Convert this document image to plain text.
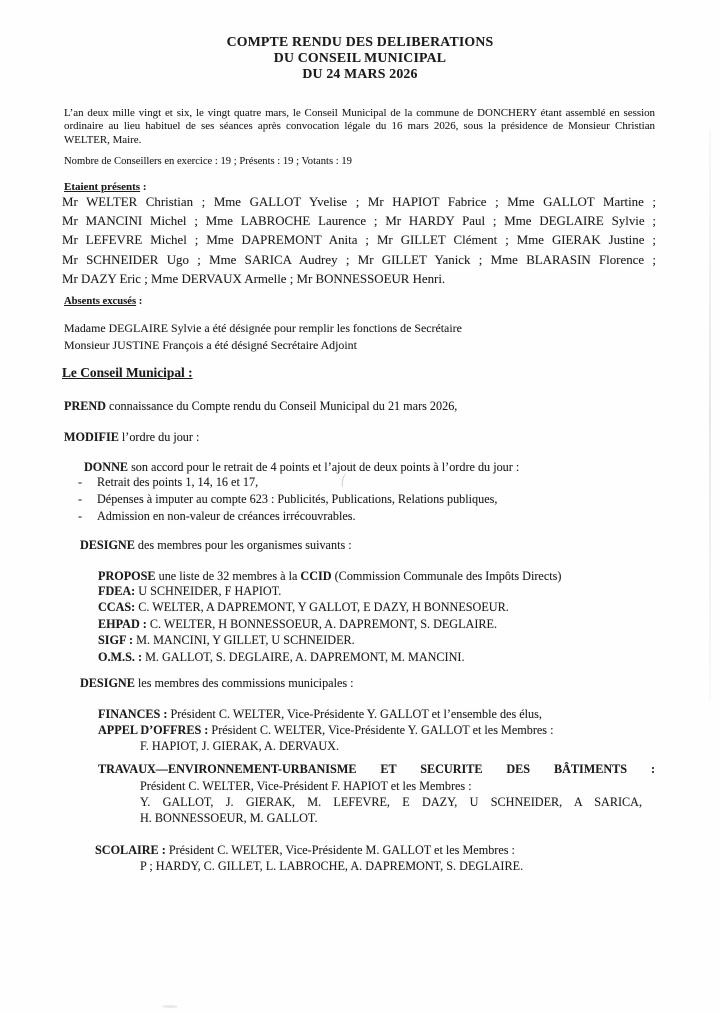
COMPTE RENDU DES DELIBERATIONS
DU CONSEIL MUNICIPAL
DU 24 MARS 2026
L’an deux mille vingt et six, le vingt quatre mars, le Conseil Municipal de la commune de DONCHERY étant assemblé en session
ordinaire au lieu habituel de ses séances après convocation légale du 16 mars 2026, sous la présidence de Monsieur Christian
WELTER, Maire.
Nombre de Conseillers en exercice : 19 ; Présents : 19 ; Votants : 19
Etaient présents :
Mr WELTER Christian ; Mme GALLOT Yvelise ; Mr HAPIOT Fabrice ; Mme GALLOT Martine ;
Mr MANCINI Michel ; Mme LABROCHE Laurence ; Mr HARDY Paul ; Mme DEGLAIRE Sylvie ;
Mr LEFEVRE Michel ; Mme DAPREMONT Anita ; Mr GILLET Clément ; Mme GIERAK Justine ;
Mr SCHNEIDER Ugo ; Mme SARICA Audrey ; Mr GILLET Yanick ; Mme BLARASIN Florence ;
Mr DAZY Eric ; Mme DERVAUX Armelle ; Mr BONNESSOEUR Henri.
Absents excusés :
Madame DEGLAIRE Sylvie a été désignée pour remplir les fonctions de Secrétaire
Monsieur JUSTINE François a été désigné Secrétaire Adjoint
Le Conseil Municipal :
PREND connaissance du Compte rendu du Conseil Municipal du 21 mars 2026,
MODIFIE l’ordre du jour :
DONNE son accord pour le retrait de 4 points et l’ajout de deux points à l’ordre du jour :
-	Retrait des points 1, 14, 16 et 17,
-	Dépenses à imputer au compte 623 : Publicités, Publications, Relations publiques,
-	Admission en non-valeur de créances irrécouvrables.
DESIGNE des membres pour les organismes suivants :
PROPOSE une liste de 32 membres à la CCID (Commission Communale des Impôts Directs)
FDEA: U SCHNEIDER, F HAPIOT.
CCAS: C. WELTER, A DAPREMONT, Y GALLOT, E DAZY, H BONNESOEUR.
EHPAD : C. WELTER, H BONNESSOEUR, A. DAPREMONT, S. DEGLAIRE.
SIGF : M. MANCINI, Y GILLET, U SCHNEIDER.
O.M.S. : M. GALLOT, S. DEGLAIRE, A. DAPREMONT, M. MANCINI.
DESIGNE les membres des commissions municipales :
FINANCES : Président C. WELTER, Vice-Présidente Y. GALLOT et l’ensemble des élus,
APPEL D’OFFRES : Président C. WELTER, Vice-Présidente Y. GALLOT et les Membres :
F. HAPIOT, J. GIERAK, A. DERVAUX.
TRAVAUX—ENVIRONNEMENT-URBANISME ET SECURITE DES BÂTIMENTS :
Président C. WELTER, Vice-Président F. HAPIOT et les Membres :
Y. GALLOT, J. GIERAK, M. LEFEVRE, E DAZY, U SCHNEIDER, A SARICA,
H. BONNESSOEUR, M. GALLOT.
SCOLAIRE : Président C. WELTER, Vice-Présidente M. GALLOT et les Membres :
P ; HARDY, C. GILLET, L. LABROCHE, A. DAPREMONT, S. DEGLAIRE.
